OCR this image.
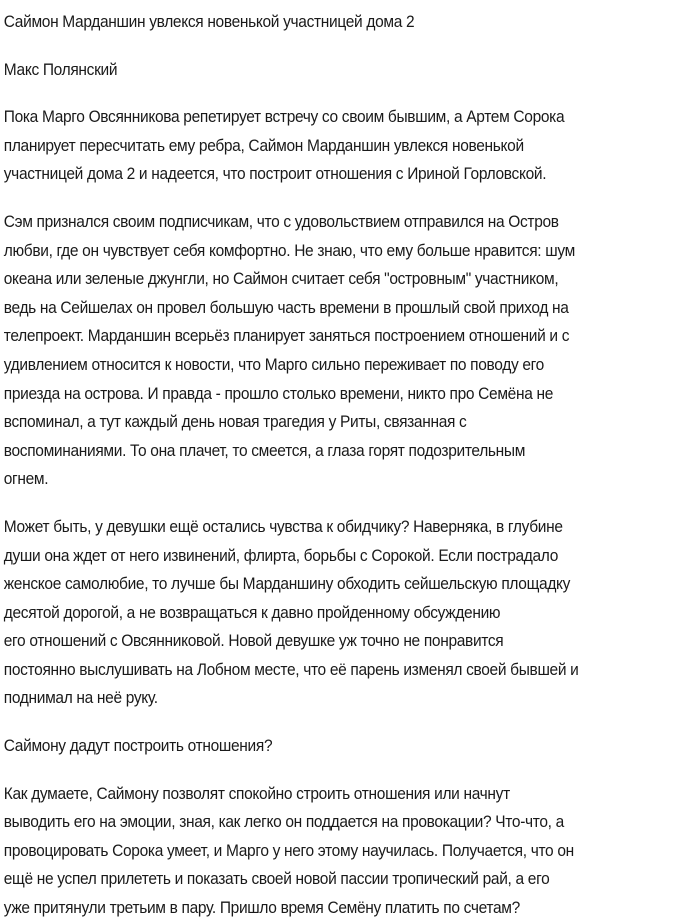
Саймон Марданшин увлекся новенькой участницей дома 2

Макс Полянский

Пока Марго Овсянникова репетирует встречу со своим бывшим, а Артем Сорока
планирует пересчитать ему ребра, Саймон Марданшин увлекся новенькой
участницей дома 2 и надеется, что построит отношения с Ириной Горловской.

Сэм признался своим подписчикам, что с удовольствием отправился на Остров
любви, где он чувствует себя комфортно. Не знаю, что ему больше нравится: шум
океана или зеленые джунгли, но Саймон считает себя "островным" участником,
ведь на Сейшелах он провел большую часть времени в прошлый свой приход на
телепроект. Марданшин всерьёз планирует заняться построением отношений и с
удивлением относится к новости, что Марго сильно переживает по поводу его
приезда на острова. И правда - прошло столько времени, никто про Семёна не
вспоминал, а тут каждый день новая трагедия у Риты, связанная с
воспоминаниями. То она плачет, то смеется, а глаза горят подозрительным
огнем.

Может быть, у девушки ещё остались чувства к обидчику? Наверняка, в глубине
души она ждет от него извинений, флирта, борьбы с Сорокой. Если пострадало
женское самолюбие, то лучше бы Марданшину обходить сейшельскую площадку
десятой дорогой, а не возвращаться к давно пройденному обсуждению
его отношений с Овсянниковой. Новой девушке уж точно не понравится
постоянно выслушивать на Лобном месте, что её парень изменял своей бывшей и
поднимал на неё руку.

Саймону дадут построить отношения?

Как думаете, Саймону позволят спокойно строить отношения или начнут
выводить его на эмоции, зная, как легко он поддается на провокации? Что-что, а
провоцировать Сорока умеет, и Марго у него этому научилась. Получается, что он
ещё не успел прилететь и показать своей новой пассии тропический рай, а его
уже притянули третьим в пару. Пришло время Семёну платить по счетам?
